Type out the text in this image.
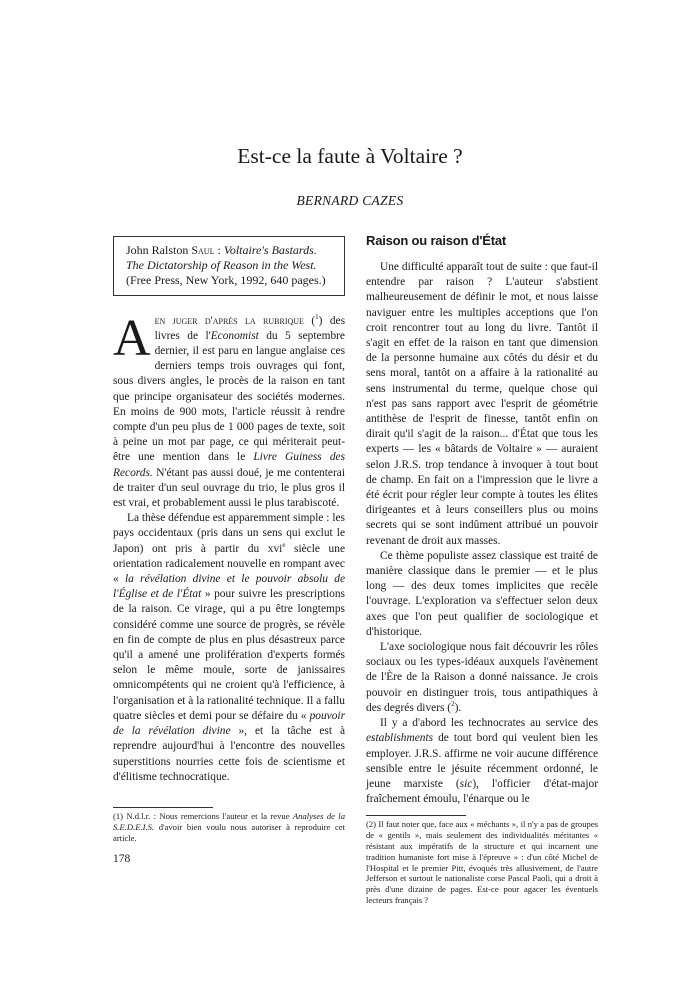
Est-ce la faute à Voltaire ?
BERNARD CAZES
John Ralston Saul : Voltaire's Bastards. The Dictatorship of Reason in the West. (Free Press, New York, 1992, 640 pages.)

Aen juger d'après la rubrique ($^1$) des livres de l'Economist du 5 septembre dernier, il est paru en langue anglaise ces derniers temps trois ouvrages qui font, sous divers angles, le procès de la raison en tant que principe organisateur des sociétés modernes. En moins de 900 mots, l'article réussit à rendre compte d'un peu plus de 1 000 pages de texte, soit à peine un mot par page, ce qui mériterait peut-être une mention dans le Livre Guiness des Records. N'étant pas aussi doué, je me contenterai de traiter d'un seul ouvrage du trio, le plus gros il est vrai, et probablement aussi le plus tarabiscoté.

La thèse défendue est apparemment simple : les pays occidentaux (pris dans un sens qui exclut le Japon) ont pris à partir du xvi$^e$ siècle une orientation radicalement nouvelle en rompant avec « la révélation divine et le pouvoir absolu de l'Église et de l'État » pour suivre les prescriptions de la raison. Ce virage, qui a pu être longtemps considéré comme une source de progrès, se révèle en fin de compte de plus en plus désastreux parce qu'il a amené une prolifération d'experts formés selon le même moule, sorte de janissaires omnicompétents qui ne croient qu'à l'efficience, à l'organisation et à la rationalité technique. Il a fallu quatre siècles et demi pour se défaire du « pouvoir de la révélation divine », et la tâche est à reprendre aujourd'hui à l'encontre des nouvelles superstitions nourries cette fois de scientisme et d'élitisme technocratique.

Raison ou raison d'État

Une difficulté apparaît tout de suite : que faut-il entendre par raison ? L'auteur s'abstient malheureusement de définir le mot, et nous laisse naviguer entre les multiples acceptions que l'on croit rencontrer tout au long du livre. Tantôt il s'agit en effet de la raison en tant que dimension de la personne humaine aux côtés du désir et du sens moral, tantôt on a affaire à la rationalité au sens instrumental du terme, quelque chose qui n'est pas sans rapport avec l'esprit de géométrie antithèse de l'esprit de finesse, tantôt enfin on dirait qu'il s'agit de la raison... d'État que tous les experts — les « bâtards de Voltaire » — auraient selon J.R.S. trop tendance à invoquer à tout bout de champ. En fait on a l'impression que le livre a été écrit pour régler leur compte à toutes les élites dirigeantes et à leurs conseillers plus ou moins secrets qui se sont indûment attribué un pouvoir revenant de droit aux masses.

Ce thème populiste assez classique est traité de manière classique dans le premier — et le plus long — des deux tomes implicites que recèle l'ouvrage. L'exploration va s'effectuer selon deux axes que l'on peut qualifier de sociologique et d'historique.

L'axe sociologique nous fait découvrir les rôles sociaux ou les types-idéaux auxquels l'avènement de l'Ère de la Raison a donné naissance. Je crois pouvoir en distinguer trois, tous antipathiques à des degrés divers ($^2$).

Il y a d'abord les technocrates au service des establishments de tout bord qui veulent bien les employer. J.R.S. affirme ne voir aucune différence sensible entre le jésuite récemment ordonné, le jeune marxiste (sic), l'officier d'état-major fraîchement émoulu, l'énarque ou le

(2) Il faut noter que, face aux « méchants », il n'y a pas de groupes de « gentils », mais seulement des individualités méritantes « résistant aux impératifs de la structure et qui incarnent une tradition humaniste fort mise à l'épreuve » : d'un côté Michel de l'Hospital et le premier Pitt, évoqués très allusivement, de l'autre Jefferson et surtout le nationaliste corse Pascal Paoli, qui a droit à près d'une dizaine de pages. Est-ce pour agacer les éventuels lecteurs français ?
(1) N.d.l.r. : Nous remercions l'auteur et la revue Analyses de la S.E.D.E.I.S. d'avoir bien voulu nous autoriser à reproduire cet article.
178
